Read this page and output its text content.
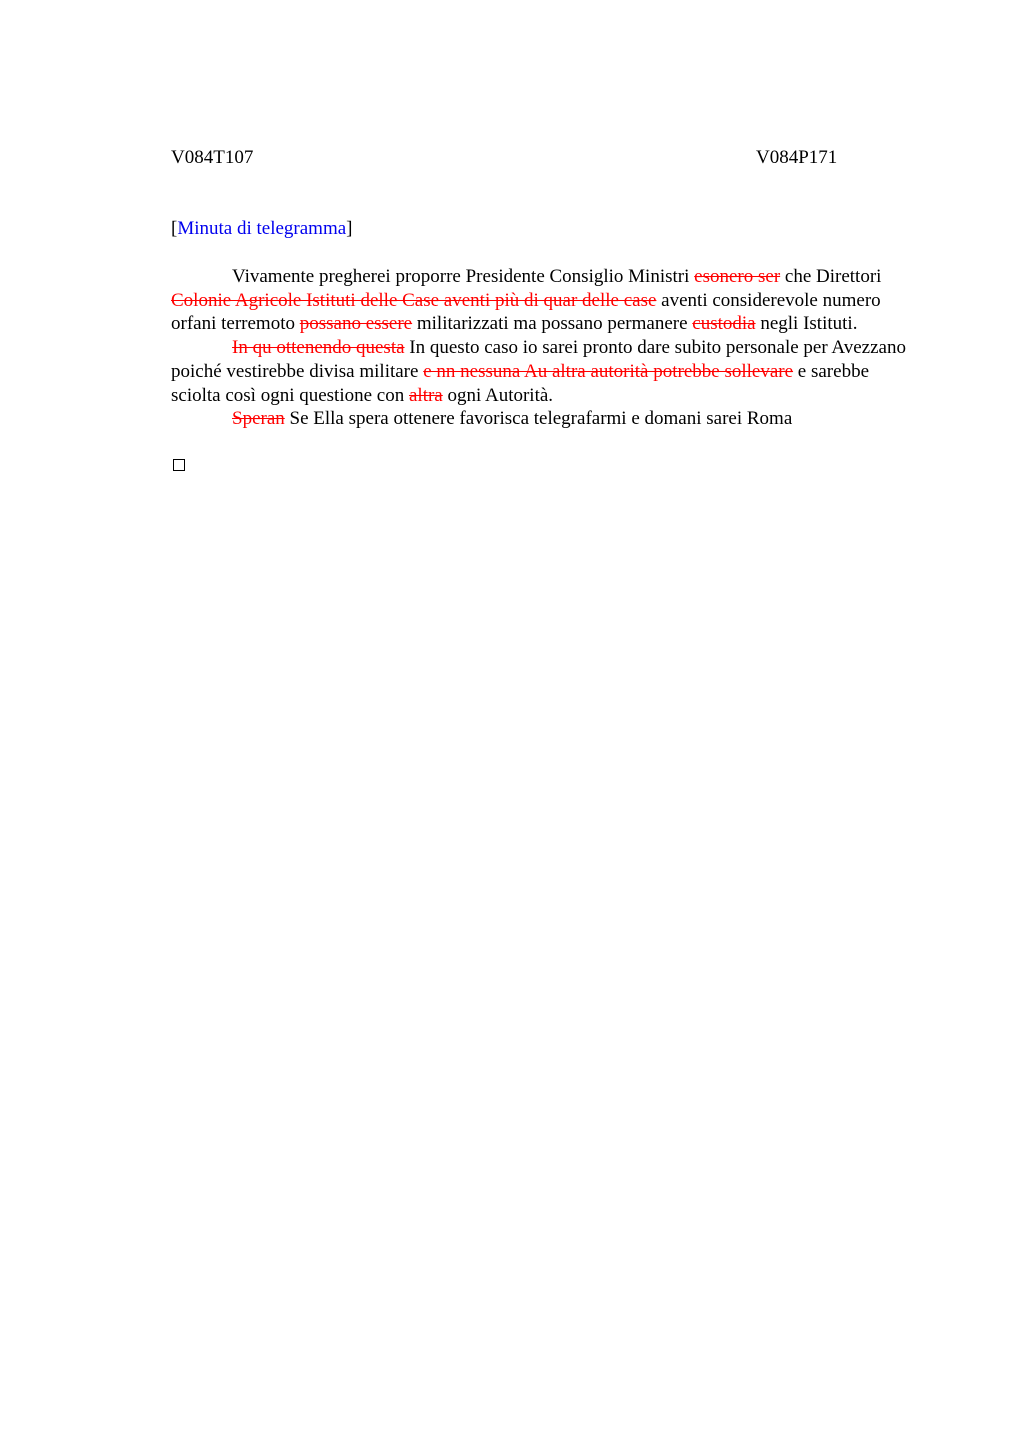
V084T107	V084P171
[Minuta di telegramma]

Vivamente pregherei proporre Presidente Consiglio Ministri esonero ser che Direttori Colonie Agricole Istituti delle Case aventi più di quar delle case aventi considerevole numero orfani terremoto possano essere militarizzati ma possano permanere custodia negli Istituti.

In qu ottenendo questa In questo caso io sarei pronto dare subito personale per Avezzano poiché vestirebbe divisa militare e nn nessuna Au altra autorità potrebbe sollevare e sarebbe sciolta così ogni questione con altra ogni Autorità.

Speran Se Ella spera ottenere favorisca telegrafarmi e domani sarei Roma
